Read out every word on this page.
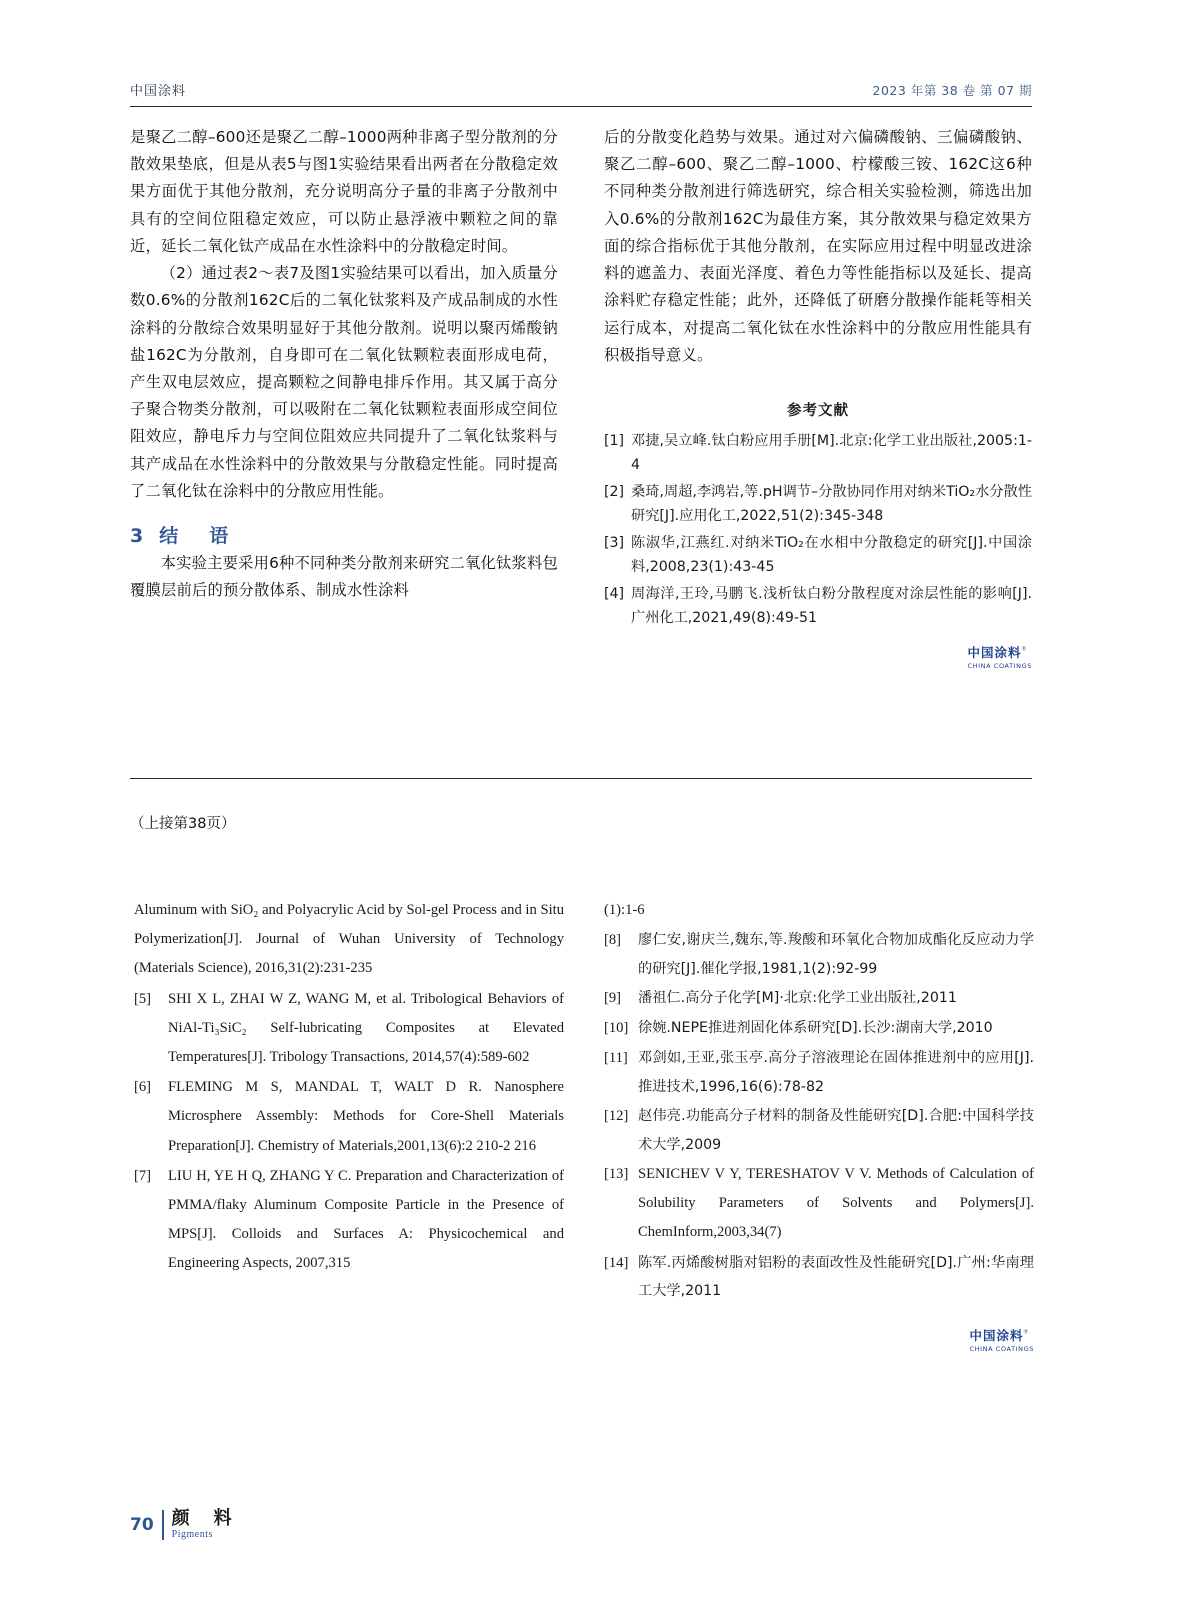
中国涂料	2023 年第 38 卷 第 07 期

是聚乙二醇–600还是聚乙二醇–1000两种非离子型分散剂的分散效果垫底，但是从表5与图1实验结果看出两者在分散稳定效果方面优于其他分散剂，充分说明高分子量的非离子分散剂中具有的空间位阻稳定效应，可以防止悬浮液中颗粒之间的靠近，延长二氧化钛产成品在水性涂料中的分散稳定时间。

（2）通过表2～表7及图1实验结果可以看出，加入质量分数0.6%的分散剂162C后的二氧化钛浆料及产成品制成的水性涂料的分散综合效果明显好于其他分散剂。说明以聚丙烯酸钠盐162C为分散剂，自身即可在二氧化钛颗粒表面形成电荷，产生双电层效应，提高颗粒之间静电排斥作用。其又属于高分子聚合物类分散剂，可以吸附在二氧化钛颗粒表面形成空间位阻效应，静电斥力与空间位阻效应共同提升了二氧化钛浆料与其产成品在水性涂料中的分散效果与分散稳定性能。同时提高了二氧化钛在涂料中的分散应用性能。

3 结　语

本实验主要采用6种不同种类分散剂来研究二氧化钛浆料包覆膜层前后的预分散体系、制成水性涂料

后的分散变化趋势与效果。通过对六偏磷酸钠、三偏磷酸钠、聚乙二醇–600、聚乙二醇–1000、柠檬酸三铵、162C这6种不同种类分散剂进行筛选研究，综合相关实验检测，筛选出加入0.6%的分散剂162C为最佳方案，其分散效果与稳定效果方面的综合指标优于其他分散剂，在实际应用过程中明显改进涂料的遮盖力、表面光泽度、着色力等性能指标以及延长、提高涂料贮存稳定性能；此外，还降低了研磨分散操作能耗等相关运行成本，对提高二氧化钛在水性涂料中的分散应用性能具有积极指导意义。

参考文献
[1] 邓捷,吴立峰.钛白粉应用手册[M].北京:化学工业出版社,2005:1-4
[2] 桑琦,周超,李鸿岩,等.pH调节–分散协同作用对纳米TiO₂水分散性研究[J].应用化工,2022,51(2):345-348
[3] 陈淑华,江燕红.对纳米TiO₂在水相中分散稳定的研究[J].中国涂料,2008,23(1):43-45
[4] 周海洋,王玲,马鹏飞.浅析钛白粉分散程度对涂层性能的影响[J].广州化工,2021,49(8):49-51
中国涂料®
CHINA COATINGS
（上接第38页）
Aluminum with SiO₂ and Polyacrylic Acid by Sol-gel Process and in Situ Polymerization[J]. Journal of Wuhan University of Technology (Materials Science), 2016,31(2):231-235
[5]	SHI X L, ZHAI W Z, WANG M, et al. Tribological Behaviors of NiAl-Ti₃SiC₂ Self-lubricating Composites at Elevated Temperatures[J]. Tribology Transactions, 2014,57(4):589-602
[6]	FLEMING M S, MANDAL T, WALT D R. Nanosphere Microsphere Assembly: Methods for Core-Shell Materials Preparation[J]. Chemistry of Materials,2001,13(6):2 210-2 216
[7]	LIU H, YE H Q, ZHANG Y C. Preparation and Characterization of PMMA/flaky Aluminum Composite Particle in the Presence of MPS[J]. Colloids and Surfaces A: Physicochemical and Engineering Aspects, 2007,315
(1):1-6
[8]	廖仁安,谢庆兰,魏东,等.羧酸和环氧化合物加成酯化反应动力学的研究[J].催化学报,1981,1(2):92-99
[9]	潘祖仁.高分子化学[M]·北京:化学工业出版社,2011
[10] 徐婉.NEPE推进剂固化体系研究[D].长沙:湖南大学,2010
[11] 邓剑如,王亚,张玉亭.高分子溶液理论在固体推进剂中的应用[J].推进技术,1996,16(6):78-82
[12] 赵伟亮.功能高分子材料的制备及性能研究[D].合肥:中国科学技术大学,2009
[13] SENICHEV V Y, TERESHATOV V V. Methods of Calculation of Solubility Parameters of Solvents and Polymers[J]. ChemInform,2003,34(7)
[14] 陈军.丙烯酸树脂对铝粉的表面改性及性能研究[D].广州:华南理工大学,2011
中国涂料®
CHINA COATINGS
70 颜　料
Pigments
